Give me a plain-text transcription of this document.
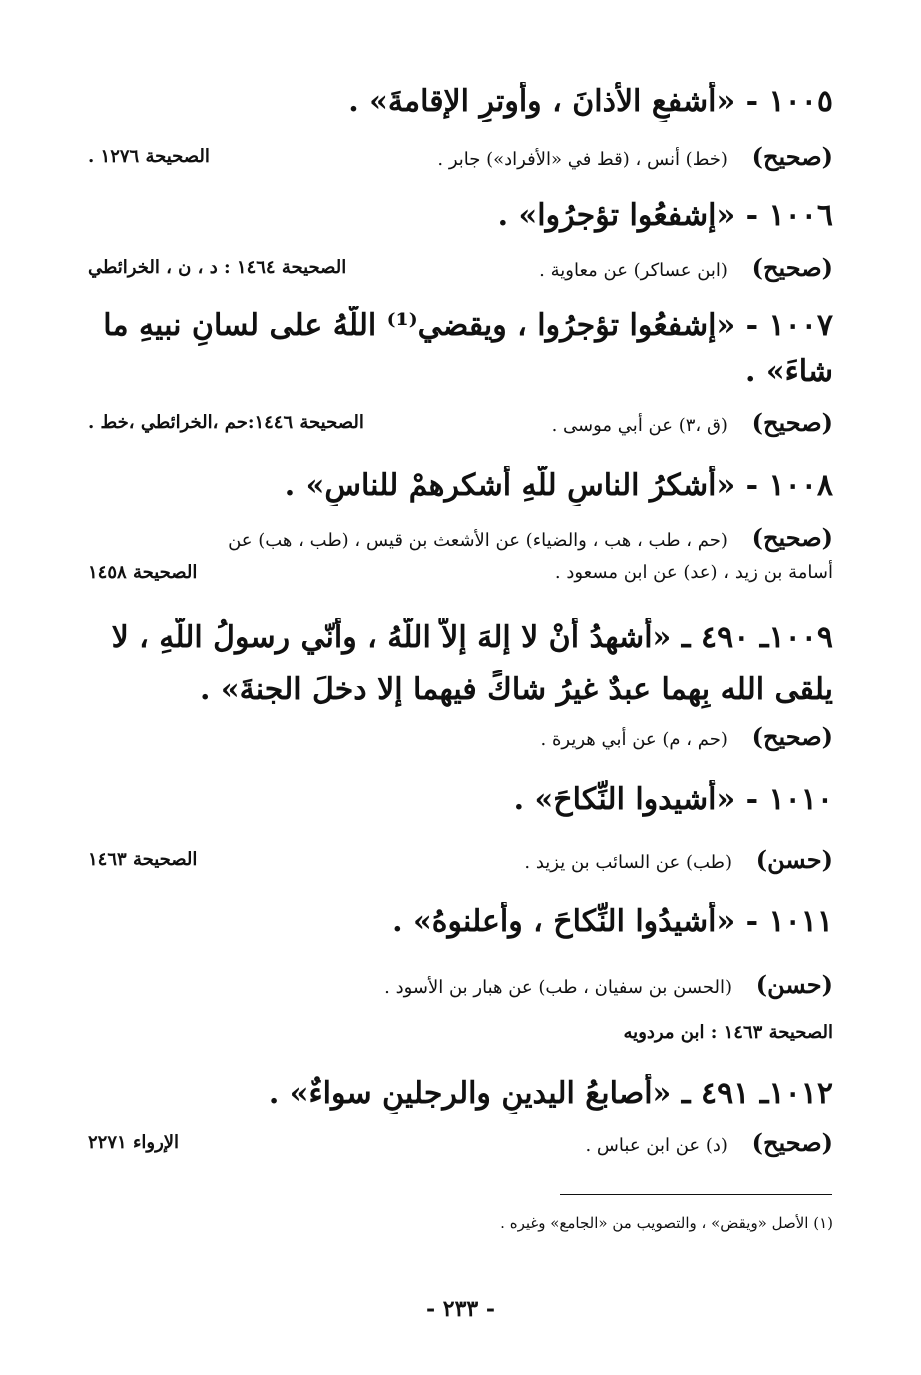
١٠٠٥ - «أشفعِ الأذانَ ، وأوترِ الإقامةَ» .
(صحيح) (خط) أنس ، (قط في «الأفراد») جابر .
الصحيحة ١٢٧٦ .
١٠٠٦ - «إشفعُوا تؤجرُوا» .
(صحيح) (ابن عساكر) عن معاوية .
الصحيحة ١٤٦٤ : د ، ن ، الخرائطي
١٠٠٧ - «إشفعُوا تؤجرُوا ، ويقضي⁽¹⁾ اللّهُ على لسانِ نبيهِ ما
شاءَ» .
(صحيح) (ق ،٣) عن أبي موسى .
الصحيحة ١٤٤٦:حم ،الخرائطي ،خط .
١٠٠٨ - «أشكرُ الناسِ للّهِ أشكرهمْ للناسِ» .
(صحيح) (حم ، طب ، هب ، والضياء) عن الأشعث بن قيس ، (طب ، هب) عن
أسامة بن زيد ، (عد) عن ابن مسعود .
الصحيحة ١٤٥٨
١٠٠٩ـ ٤٩٠ ـ «أشهدُ أنْ لا إلهَ إلاّ اللّهُ ، وأنّي رسولُ اللّهِ ، لا
يلقى الله بِهما عبدٌ غيرُ شاكٍّ فيهما إلا دخلَ الجنةَ» .
(صحيح) (حم ، م) عن أبي هريرة .
١٠١٠ - «أشيدوا النِّكاحَ» .
(حسن) (طب) عن السائب بن يزيد .
الصحيحة ١٤٦٣
١٠١١ - «أشيدُوا النِّكاحَ ، وأعلنوهُ» .
(حسن) (الحسن بن سفيان ، طب) عن هبار بن الأسود .
الصحيحة ١٤٦٣ : ابن مردويه
١٠١٢ـ ٤٩١ ـ «أصابعُ اليدينِ والرجلينِ سواءٌ» .
(صحيح) (د) عن ابن عباس .
الإرواء ٢٢٧١
(١) الأصل «ويقض» ، والتصويب من «الجامع» وغيره .
- ٢٣٣ -
